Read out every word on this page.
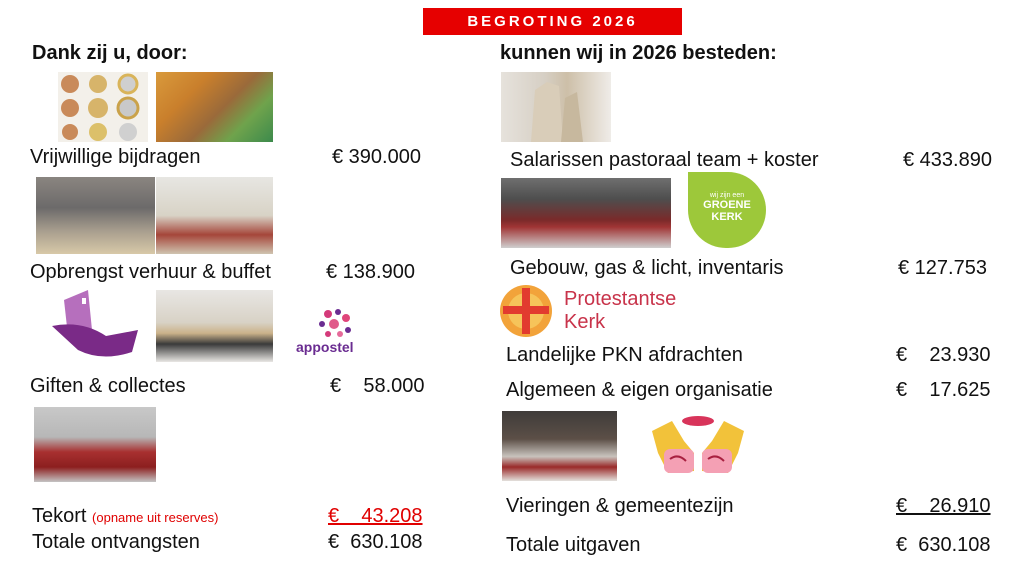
BEGROTING 2026
Dank zij u, door:
Vrijwillige bijdragen	€ 390.000
Opbrengst verhuur & buffet	€ 138.900
appostel
Giften & collectes	€    58.000
Tekort (opname uit reserves)	€    43.208
Totale ontvangsten	€  630.108
kunnen wij in 2026 besteden:
Salarissen pastoraal team + koster	€ 433.890
wij zijn een
GROENE
KERK
Gebouw, gas & licht, inventaris	€ 127.753
Protestantse
Kerk
Landelijke PKN afdrachten	€    23.930
Algemeen & eigen organisatie	€    17.625
Vieringen & gemeentezijn	€    26.910
Totale uitgaven	€  630.108
